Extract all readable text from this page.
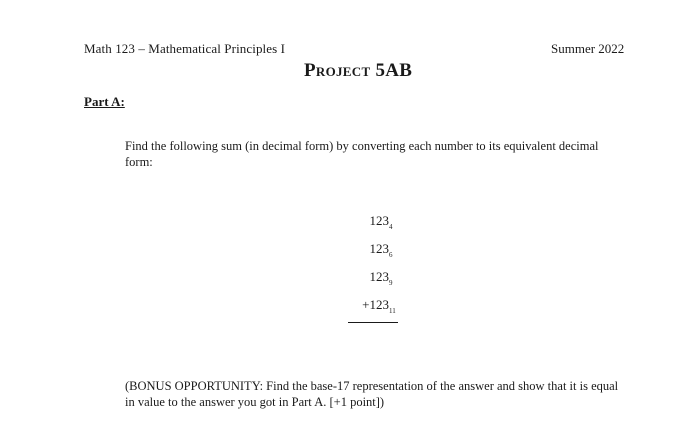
Math 123 – Mathematical Principles I	Summer 2022
Project 5AB
Part A:
Find the following sum (in decimal form) by converting each number to its equivalent decimal form:
1234
1236
1239
+12311
(BONUS OPPORTUNITY: Find the base-17 representation of the answer and show that it is equal in value to the answer you got in Part A. [+1 point])
